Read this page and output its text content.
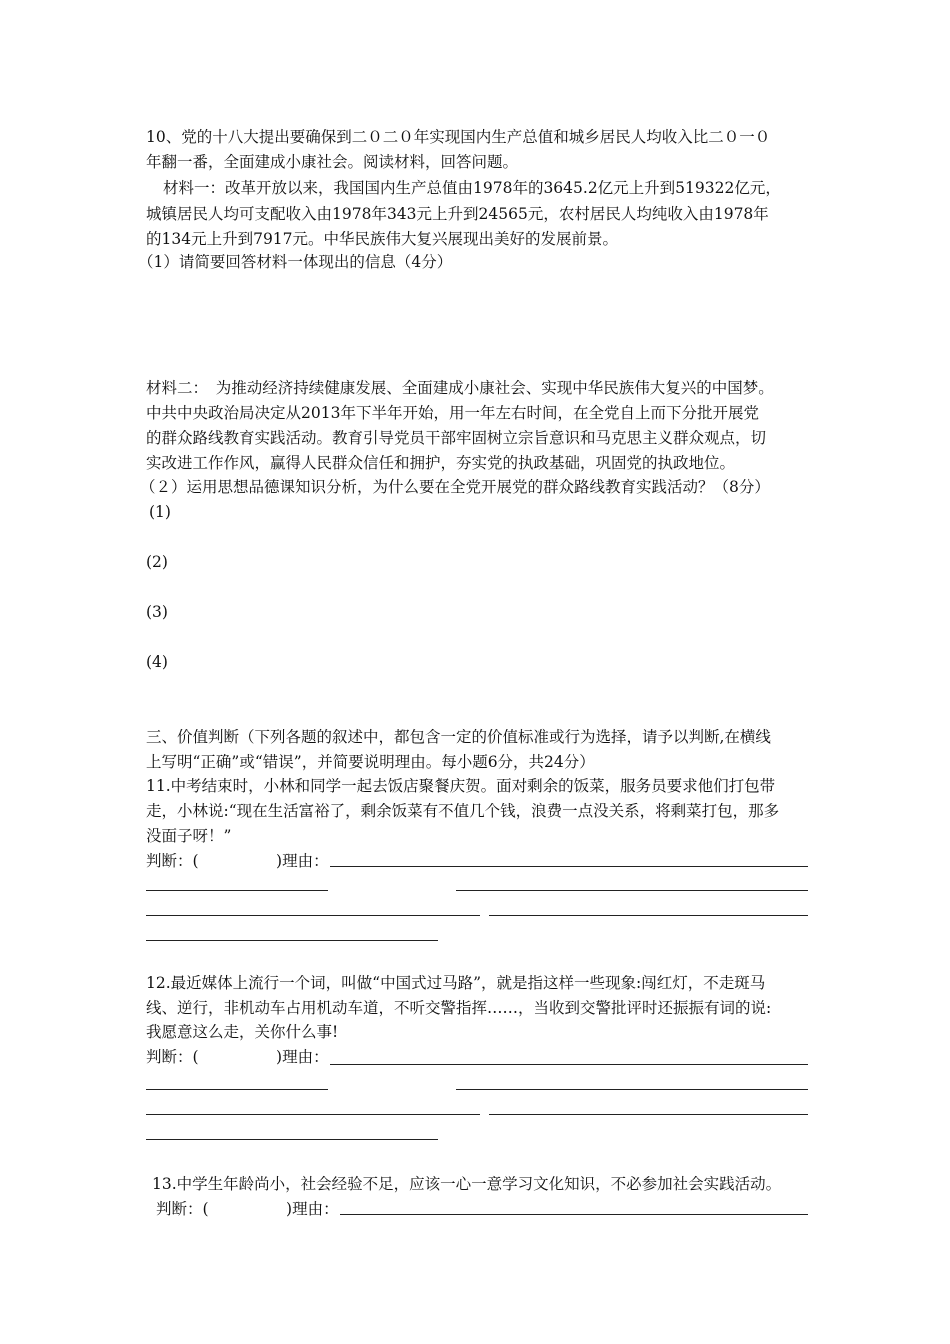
10、党的十八大提出要确保到二０二０年实现国内生产总值和城乡居民人均收入比二０一０
年翻一番，全面建成小康社会。阅读材料，回答问题。
材料一：改革开放以来，我国国内生产总值由1978年的3645.2亿元上升到519322亿元，
城镇居民人均可支配收入由1978年343元上升到24565元，农村居民人均纯收入由1978年
的134元上升到7917元。中华民族伟大复兴展现出美好的发展前景。
（1）请简要回答材料一体现出的信息（4分）
材料二：　为推动经济持续健康发展、全面建成小康社会、实现中华民族伟大复兴的中国梦。
中共中央政治局决定从2013年下半年开始，用一年左右时间，在全党自上而下分批开展党
的群众路线教育实践活动。教育引导党员干部牢固树立宗旨意识和马克思主义群众观点，切
实改进工作作风，赢得人民群众信任和拥护，夯实党的执政基础，巩固党的执政地位。
（２）运用思想品德课知识分析，为什么要在全党开展党的群众路线教育实践活动？（8分）
(1)
(2)
(3)
(4)
三、价值判断（下列各题的叙述中，都包含一定的价值标准或行为选择，请予以判断,在横线
上写明“正确”或“错误”，并简要说明理由。每小题6分，共24分）
11.中考结束时，小林和同学一起去饭店聚餐庆贺。面对剩余的饭菜，服务员要求他们打包带
走，小林说:“现在生活富裕了，剩余饭菜有不值几个钱，浪费一点没关系，将剩菜打包，那多
没面子呀！”
判断：(　　　　　)理由：
12.最近媒体上流行一个词，叫做“中国式过马路”，就是指这样一些现象:闯红灯，不走斑马
线、逆行，非机动车占用机动车道，不听交警指挥……，当收到交警批评时还振振有词的说:
我愿意这么走，关你什么事!
判断：(　　　　　)理由：
13.中学生年龄尚小，社会经验不足，应该一心一意学习文化知识，不必参加社会实践活动。
判断：(　　　　　)理由：
